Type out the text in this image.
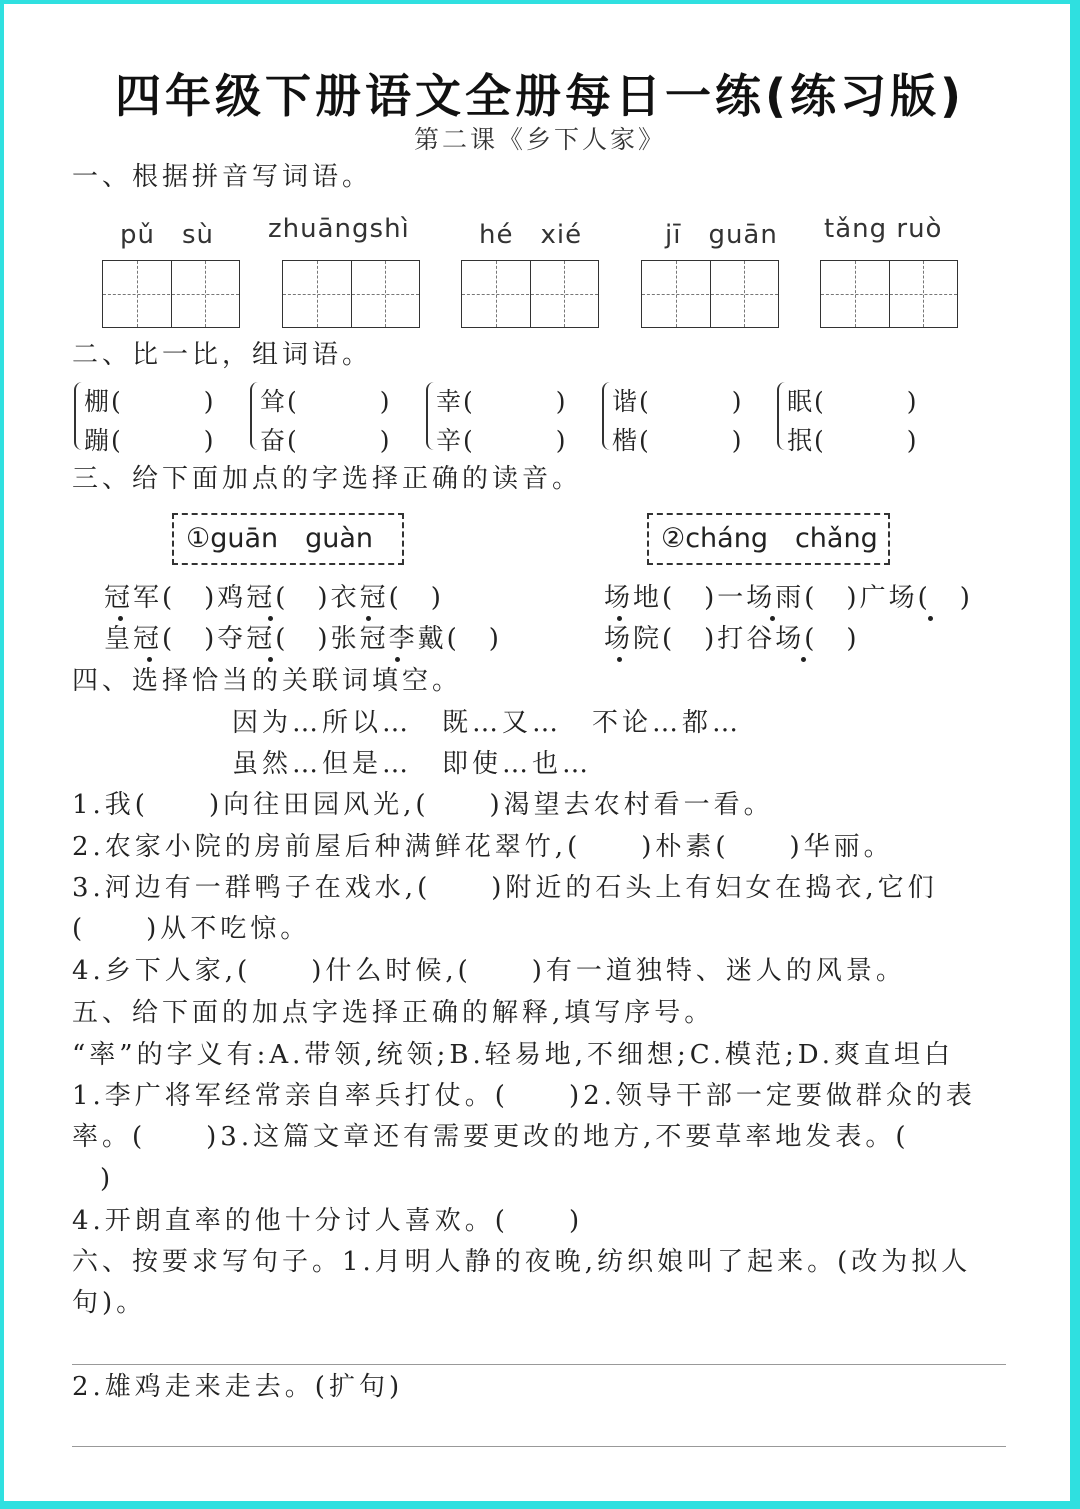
四年级下册语文全册每日一练(练习版)
第二课《乡下人家》
一、根据拼音写词语。
pǔ　sù zhuāngshì	hé　xié	jī　guān tǎng ruò
二、比一比，组词语。
棚(　　　)
蹦(　　　)
耸(　　　)
奋(　　　)
幸(　　　)
辛(　　　)
谐(　　　)
楷(　　　)
眠(　　　)
抿(　　　)
三、给下面加点的字选择正确的读音。
①guān　guàn	②cháng　chǎng
冠军(　)鸡冠(　)衣冠(　)
皇冠(　)夺冠(　)张冠李戴(　)
场地(　)一场雨(　)广场(　)
场院(　)打谷场(　)
四、选择恰当的关联词填空。
因为…所以…　既…又…　不论…都…
虽然…但是…　即使…也…
1.我(　　)向往田园风光,(　　)渴望去农村看一看。
2.农家小院的房前屋后种满鲜花翠竹,(　　)朴素(　　)华丽。
3.河边有一群鸭子在戏水,(　　)附近的石头上有妇女在捣衣,它们
(　　)从不吃惊。
4.乡下人家,(　　)什么时候,(　　)有一道独特、迷人的风景。
五、给下面的加点字选择正确的解释,填写序号。
“率”的字义有:A.带领,统领;B.轻易地,不细想;C.模范;D.爽直坦白
1.李广将军经常亲自率兵打仗。(　　)2.领导干部一定要做群众的表
率。(　　)3.这篇文章还有需要更改的地方,不要草率地发表。(
)
4.开朗直率的他十分讨人喜欢。(　　)
六、按要求写句子。1.月明人静的夜晚,纺织娘叫了起来。(改为拟人
句)。
2.雄鸡走来走去。(扩句)
